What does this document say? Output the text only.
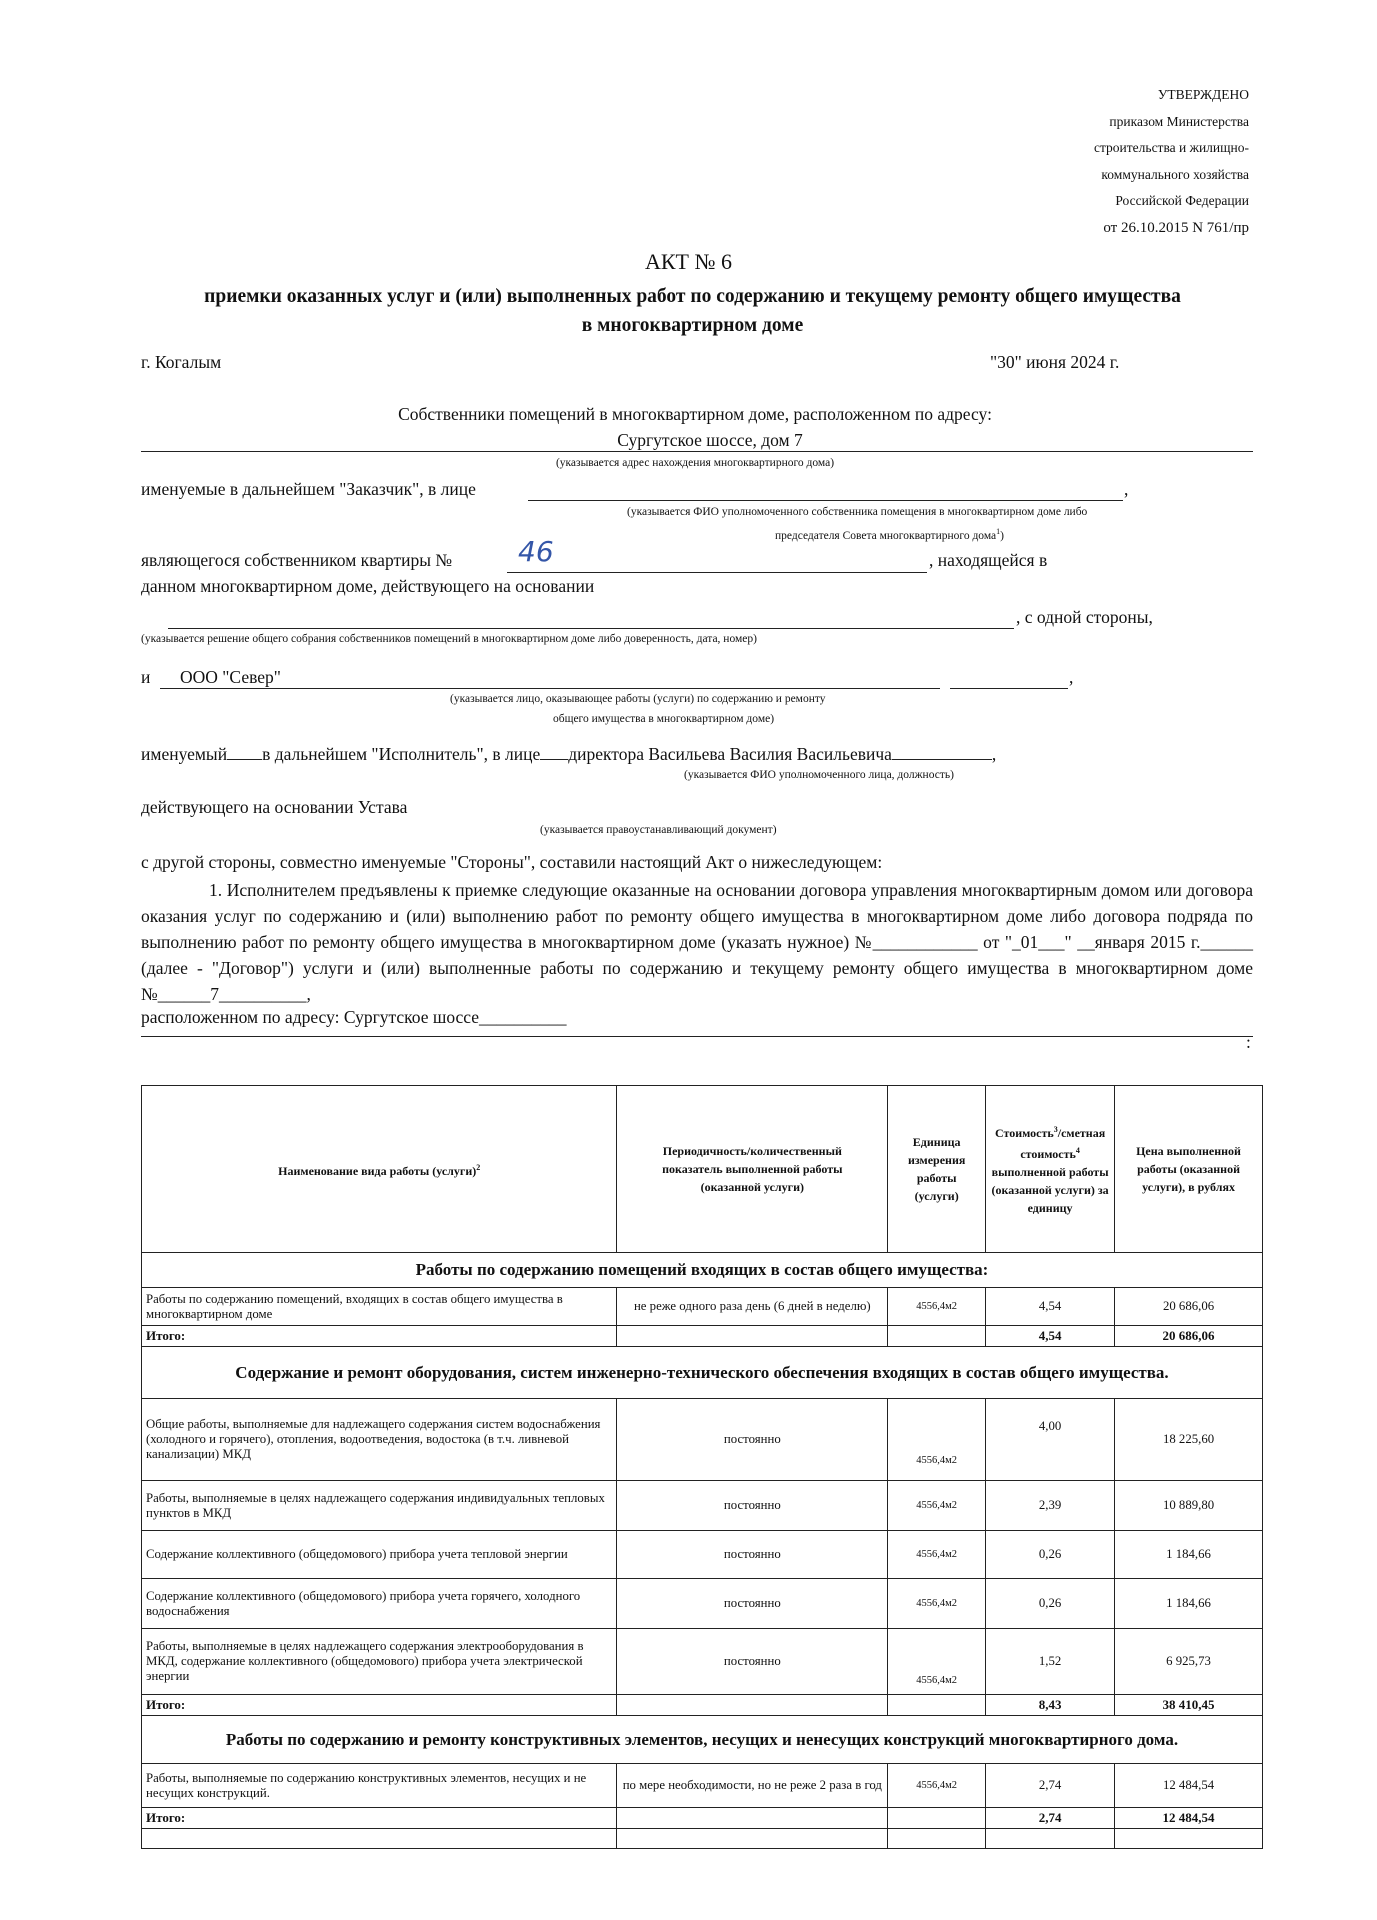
УТВЕРЖДЕНО
приказом Министерства
строительства и жилищно-
коммунального хозяйства
Российской Федерации
от 26.10.2015 N 761/пр
АКТ № 6
приемки оказанных услуг и (или) выполненных работ по содержанию и текущему ремонту общего имущества
в многоквартирном доме
г. Когалым	"30" июня 2024 г.
Собственники помещений в многоквартирном доме, расположенном по адресу:
Сургутское шоссе, дом 7
(указывается адрес нахождения многоквартирного дома)
именуемые в дальнейшем "Заказчик", в лице	,
(указывается ФИО уполномоченного собственника помещения в многоквартирном доме либо
председателя Совета многоквартирного дома$^1$)
являющегося собственником квартиры № 46	, находящейся в
данном многоквартирном доме, действующего на основании
, с одной стороны,
(указывается решение общего собрания собственников помещений в многоквартирном доме либо доверенность, дата, номер)
и	ООО "Север"	,
(указывается лицо, оказывающее работы (услуги) по содержанию и ремонту
общего имущества в многоквартирном доме)
именуемый в дальнейшем "Исполнитель", в лице директора Васильева Василия Васильевича	,
(указывается ФИО уполномоченного лица, должность)
действующего на основании Устава
(указывается правоустанавливающий документ)
с другой стороны, совместно именуемые "Стороны", составили настоящий Акт о нижеследующем:
1. Исполнителем предъявлены к приемке следующие оказанные на основании договора управления многоквартирным домом или договора оказания услуг по содержанию и (или) выполнению работ по ремонту общего имущества в многоквартирном доме либо договора подряда по выполнению работ по ремонту общего имущества в многоквартирном доме (указать нужное) №____________ от "_01___" __января 2015 г.______ (далее - "Договор") услуги и (или) выполненные работы по содержанию и текущему ремонту общего имущества в многоквартирном доме №______7__________,
расположенном по адресу: Сургутское шоссе__________
:
Наименование вида работы (услуги)$^2$	Периодичность/количественный показатель выполненной работы (оказанной услуги)	Единица измерения работы (услуги)	Стоимость$^3$/сметная стоимость$^4$ выполненной работы (оказанной услуги) за единицу	Цена выполненной работы (оказанной услуги), в рублях
Работы по содержанию помещений входящих в состав общего имущества:				
Работы по содержанию помещений, входящих в состав общего имущества в многоквартирном доме	не реже одного раза день (6 дней в неделю)	4556,4м2	4,54	20 686,06
Итого:			4,54	20 686,06
Содержание и ремонт оборудования, систем инженерно-технического обеспечения входящих в состав общего имущества.				
Общие работы, выполняемые для надлежащего содержания систем водоснабжения (холодного и горячего), отопления, водоотведения, водостока (в т.ч. ливневой канализации) МКД	постоянно	4556,4м2	4,00	18 225,60
Работы, выполняемые в целях надлежащего содержания индивидуальных тепловых пунктов в МКД	постоянно	4556,4м2	2,39	10 889,80
Содержание коллективного (общедомового) прибора учета тепловой энергии	постоянно	4556,4м2	0,26	1 184,66
Содержание коллективного (общедомового) прибора учета горячего, холодного водоснабжения	постоянно	4556,4м2	0,26	1 184,66
Работы, выполняемые в целях надлежащего содержания электрооборудования в МКД, содержание коллективного (общедомового) прибора учета электрической энергии	постоянно	4556,4м2	1,52	6 925,73
Итого:			8,43	38 410,45
Работы по содержанию и ремонту конструктивных элементов, несущих и ненесущих конструкций многоквартирного дома.				
Работы, выполняемые по содержанию конструктивных элементов, несущих и не несущих конструкций.	по мере необходимости, но не реже 2 раза в год	4556,4м2	2,74	12 484,54
Итого:			2,74	12 484,54
